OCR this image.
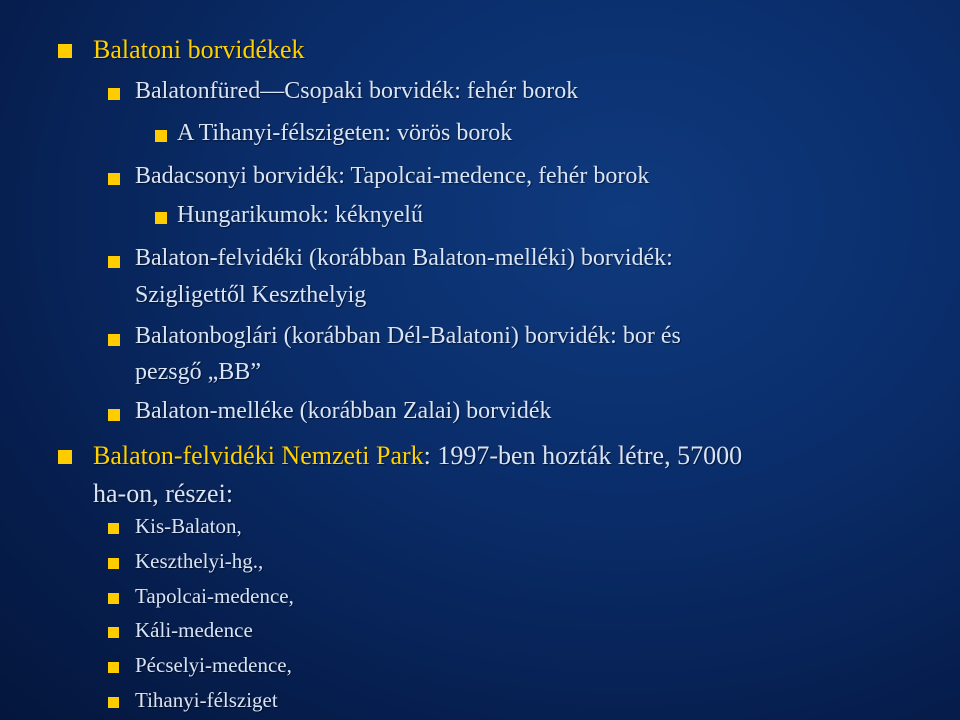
Balatoni borvidékek
Balatonfüred—Csopaki borvidék: fehér borok
A Tihanyi-félszigeten: vörös borok
Badacsonyi borvidék: Tapolcai-medence, fehér borok
Hungarikumok: kéknyelű
Balaton-felvidéki (korábban Balaton-melléki) borvidék:
Szigligettől Keszthelyig
Balatonboglári (korábban Dél-Balatoni) borvidék: bor és
pezsgő „BB”
Balaton-melléke (korábban Zalai) borvidék
Balaton-felvidéki Nemzeti Park: 1997-ben hozták létre, 57000
ha-on, részei:
Kis-Balaton,
Keszthelyi-hg.,
Tapolcai-medence,
Káli-medence
Pécselyi-medence,
Tihanyi-félsziget
